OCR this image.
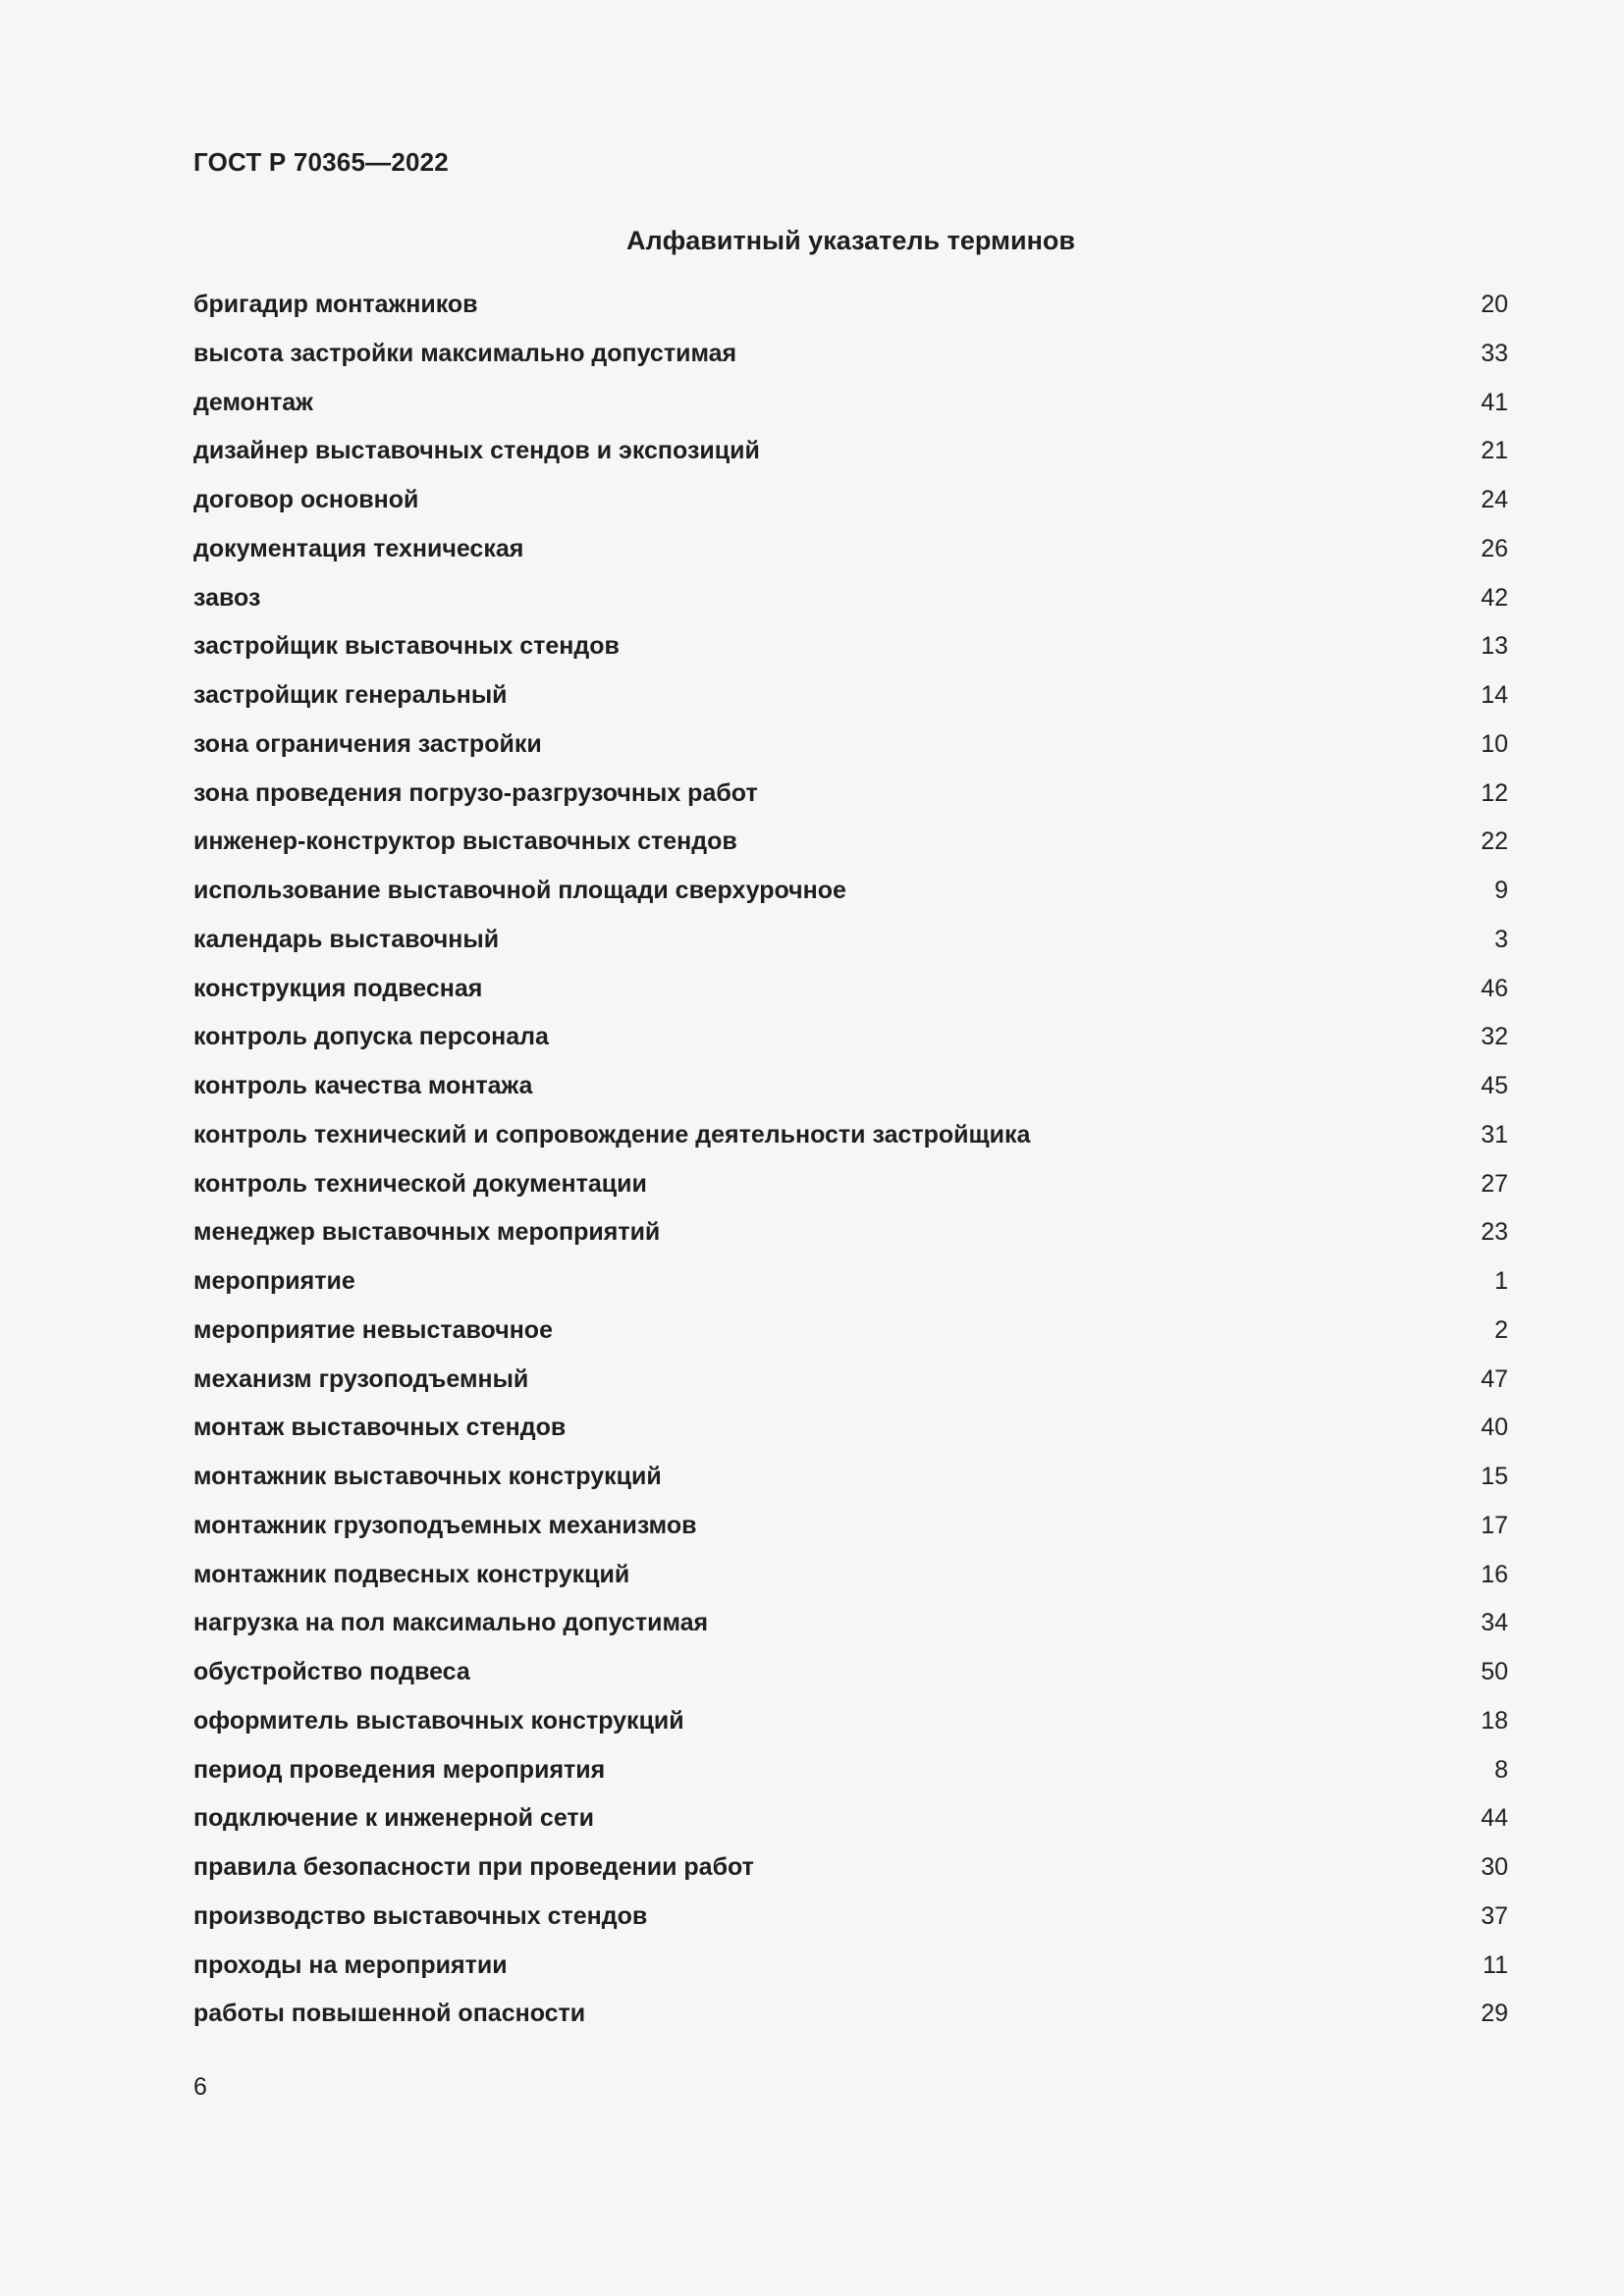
ГОСТ Р 70365—2022
Алфавитный указатель терминов
бригадир монтажников	20
высота застройки максимально допустимая	33
демонтаж	41
дизайнер выставочных стендов и экспозиций	21
договор основной	24
документация техническая	26
завоз	42
застройщик выставочных стендов	13
застройщик генеральный	14
зона ограничения застройки	10
зона проведения погрузо-разгрузочных работ	12
инженер-конструктор выставочных стендов	22
использование выставочной площади сверхурочное	9
календарь выставочный	3
конструкция подвесная	46
контроль допуска персонала	32
контроль качества монтажа	45
контроль технический и сопровождение деятельности застройщика	31
контроль технической документации	27
менеджер выставочных мероприятий	23
мероприятие	1
мероприятие невыставочное	2
механизм грузоподъемный	47
монтаж выставочных стендов	40
монтажник выставочных конструкций	15
монтажник грузоподъемных механизмов	17
монтажник подвесных конструкций	16
нагрузка на пол максимально допустимая	34
обустройство подвеса	50
оформитель выставочных конструкций	18
период проведения мероприятия	8
подключение к инженерной сети	44
правила безопасности при проведении работ	30
производство выставочных стендов	37
проходы на мероприятии	11
работы повышенной опасности	29
6
